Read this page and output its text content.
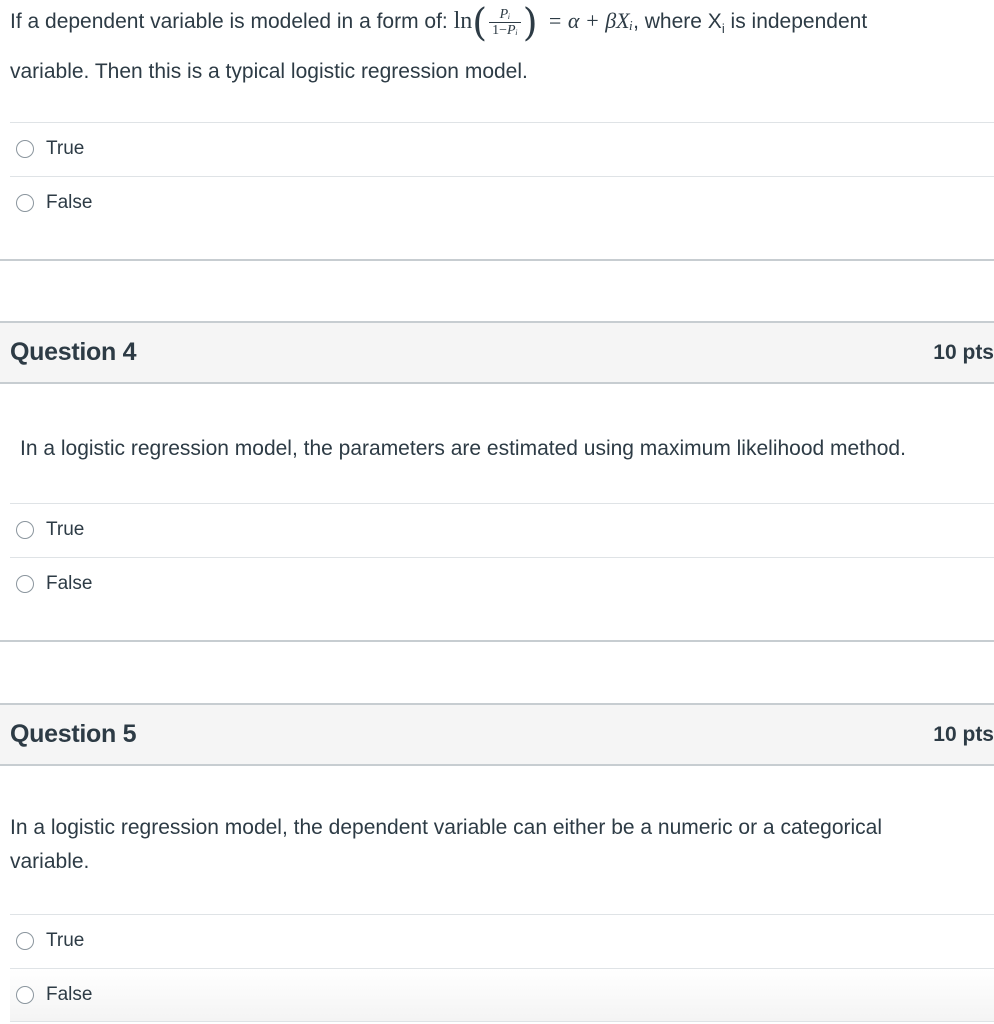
If a dependent variable is modeled in a form of: $\ln( \frac{\text{Pᵢ}}{\text{1−Pᵢ}}$ ) = α + βXᵢ, where $X_i$ is independent
variable. Then this is a typical logistic regression model.
True
False
Question 4	10 pts
In a logistic regression model, the parameters are estimated using maximum likelihood method.
True
False
Question 5	10 pts
In a logistic regression model, the dependent variable can either be a numeric or a categorical
variable.
True
False
